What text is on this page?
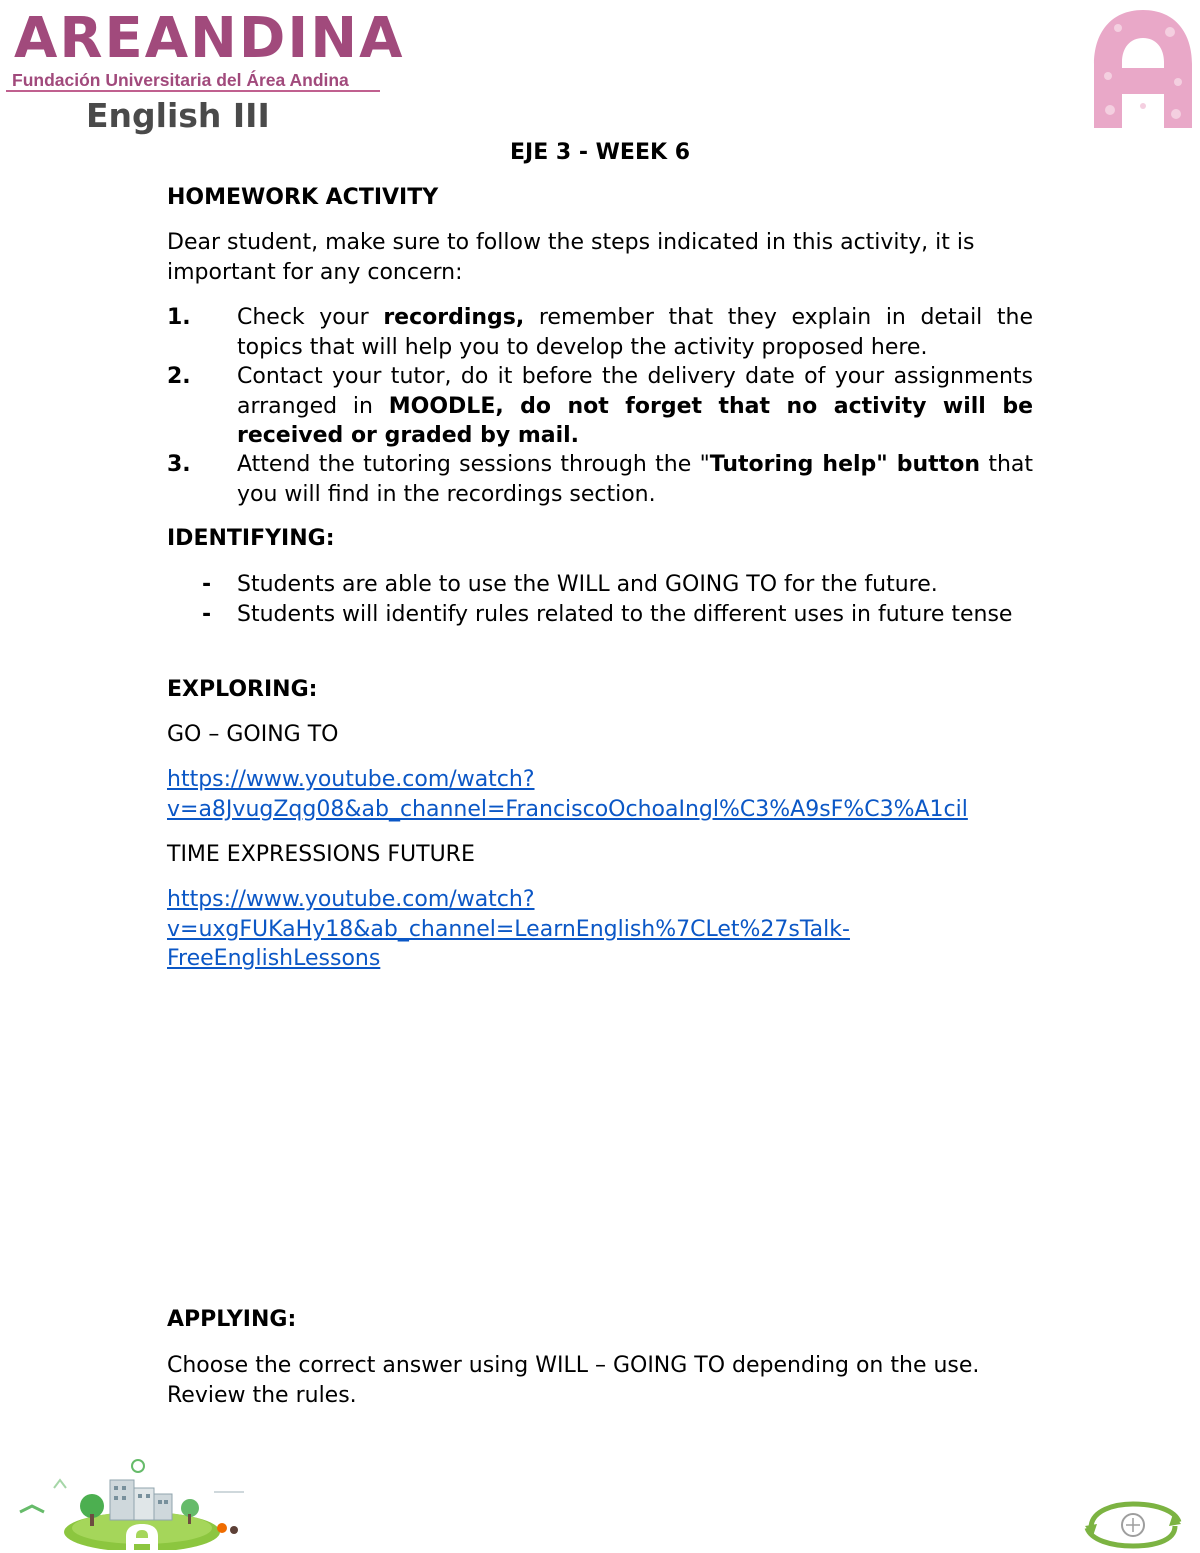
AREANDINA
Fundación Universitaria del Área Andina
English III
EJE 3 - WEEK 6
HOMEWORK ACTIVITY
Dear student, make sure to follow the steps indicated in this activity, it is important for any concern:
1. Check your recordings, remember that they explain in detail the topics that will help you to develop the activity proposed here.
2. Contact your tutor, do it before the delivery date of your assignments arranged in MOODLE, do not forget that no activity will be received or graded by mail.
3. Attend the tutoring sessions through the "Tutoring help" button that you will find in the recordings section.
IDENTIFYING:
- Students are able to use the WILL and GOING TO for the future.
- Students will identify rules related to the different uses in future tense
EXPLORING:
GO – GOING TO
https://www.youtube.com/watch?
v=a8JvugZqg08&ab_channel=FranciscoOchoaIngl%C3%A9sF%C3%A1cil
TIME EXPRESSIONS FUTURE
https://www.youtube.com/watch?
v=uxgFUKaHy18&ab_channel=LearnEnglish%7CLet%27sTalk-
FreeEnglishLessons
APPLYING:
Choose the correct answer using WILL – GOING TO depending on the use. Review the rules.
